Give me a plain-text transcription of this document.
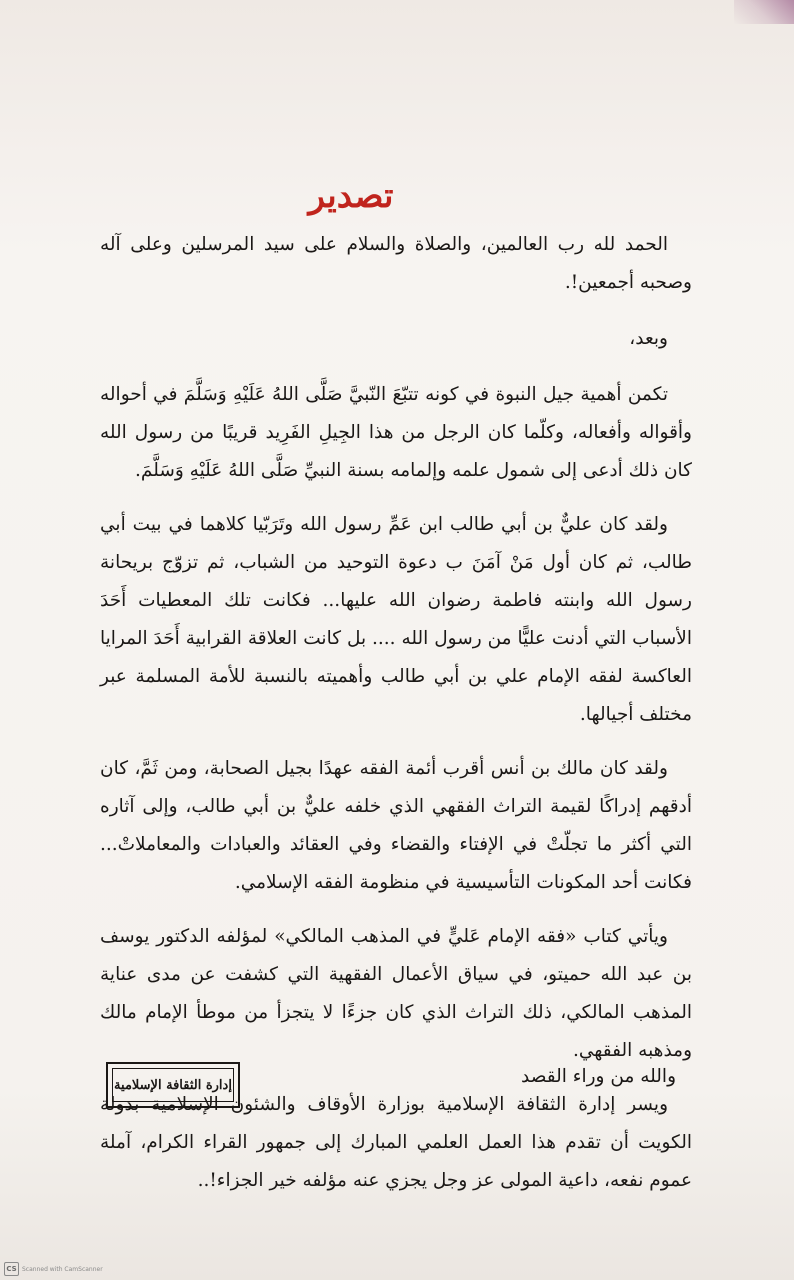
تصدير

الحمد لله رب العالمين، والصلاة والسلام على سيد المرسلين وعلى آله وصحبه أجمعين!.

وبعد،

تكمن أهمية جيل النبوة في كونه تتبّعَ النّبيَّ صَلَّى اللهُ عَلَيْهِ وَسَلَّمَ في أحواله وأقواله وأفعاله، وكلّما كان الرجل من هذا الجِيلِ الفَرِيد قريبًا من رسول الله كان ذلك أدعى إلى شمول علمه وإلمامه بسنة النبيِّ صَلَّى اللهُ عَلَيْهِ وَسَلَّمَ.

ولقد كان عليٌّ بن أبي طالب ابن عَمِّ رسول الله وتَرَبّيا كلاهما في بيت أبي طالب، ثم كان أول مَنْ آمَنَ ب دعوة التوحيد من الشباب، ثم تزوّج بريحانة رسول الله وابنته فاطمة رضوان الله عليها... فكانت تلك المعطيات أَحَدَ الأسباب التي أدنت عليًّا من رسول الله .... بل كانت العلاقة القرابية أَحَدَ المرايا العاكسة لفقه الإمام علي بن أبي طالب وأهميته بالنسبة للأمة المسلمة عبر مختلف أجيالها.

ولقد كان مالك بن أنس أقرب أئمة الفقه عهدًا بجيل الصحابة، ومن ثَمَّ، كان أدقهم إدراكًا لقيمة التراث الفقهي الذي خلفه عليٌّ بن أبي طالب، وإلى آثاره التي أكثر ما تجلّتْ في الإفتاء والقضاء وفي العقائد والعبادات والمعاملاتْ... فكانت أحد المكونات التأسيسية في منظومة الفقه الإسلامي.

ويأتي كتاب «فقه الإمام عَليٍّ في المذهب المالكي» لمؤلفه الدكتور يوسف بن عبد الله حميتو، في سياق الأعمال الفقهية التي كشفت عن مدى عناية المذهب المالكي، ذلك التراث الذي كان جزءًا لا يتجزأ من موطأ الإمام مالك ومذهبه الفقهي.

ويسر إدارة الثقافة الإسلامية بوزارة الأوقاف والشئون الإسلامية بدولة الكويت أن تقدم هذا العمل العلمي المبارك إلى جمهور القراء الكرام، آملة عموم نفعه، داعية المولى عز وجل يجزي عنه مؤلفه خير الجزاء!..

والله من وراء القصد
إدارة الثقافة الإسلامية
CS Scanned with CamScanner
